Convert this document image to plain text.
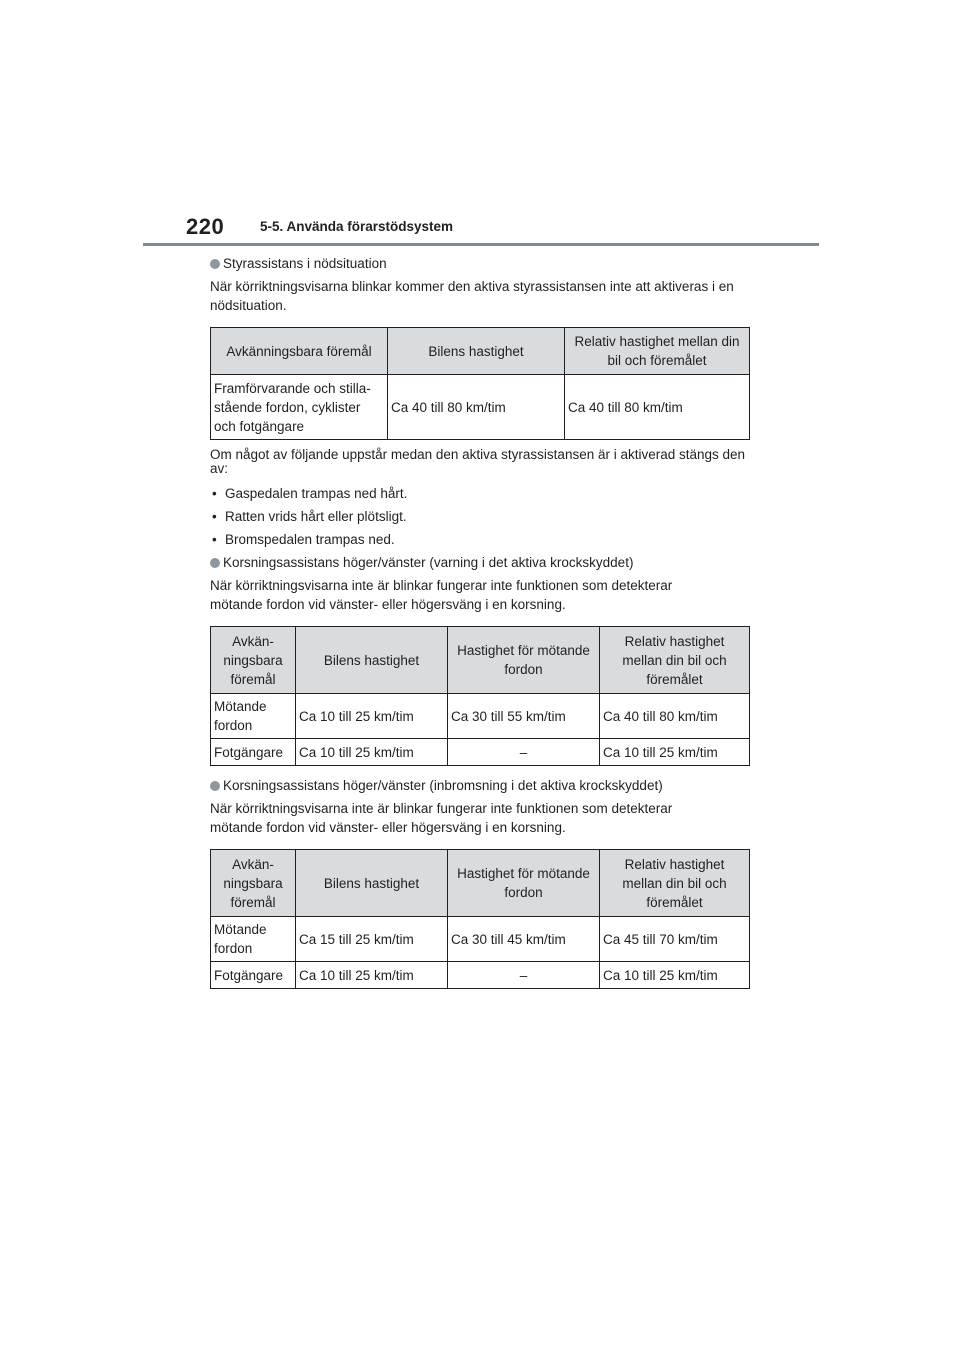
220	5-5. Använda förarstödsystem
Styrassistans i nödsituation

När körriktningsvisarna blinkar kommer den aktiva styrassistansen inte att aktiveras i en nödsituation.

Avkänningsbara föremål	Bilens hastighet	Relativ hastighet mellan din bil och föremålet
Framförvarande och stilla-stående fordon, cyklister och fotgängare	Ca 40 till 80 km/tim	Ca 40 till 80 km/tim

Om något av följande uppstår medan den aktiva styrassistansen är i aktiverad stängs den av:

• Gaspedalen trampas ned hårt.
• Ratten vrids hårt eller plötsligt.
• Bromspedalen trampas ned.
Korsningsassistans höger/vänster (varning i det aktiva krockskyddet)

När körriktningsvisarna inte är blinkar fungerar inte funktionen som detekterar mötande fordon vid vänster- eller högersväng i en korsning.

Avkän-ningsbara föremål	Bilens hastighet	Hastighet för mötande fordon	Relativ hastighet mellan din bil och föremålet
Mötande fordon	Ca 10 till 25 km/tim	Ca 30 till 55 km/tim	Ca 40 till 80 km/tim
Fotgängare	Ca 10 till 25 km/tim	–	Ca 10 till 25 km/tim
Korsningsassistans höger/vänster (inbromsning i det aktiva krockskyddet)

När körriktningsvisarna inte är blinkar fungerar inte funktionen som detekterar mötande fordon vid vänster- eller högersväng i en korsning.

Avkän-ningsbara föremål	Bilens hastighet	Hastighet för mötande fordon	Relativ hastighet mellan din bil och föremålet
Mötande fordon	Ca 15 till 25 km/tim	Ca 30 till 45 km/tim	Ca 45 till 70 km/tim
Fotgängare	Ca 10 till 25 km/tim	–	Ca 10 till 25 km/tim
